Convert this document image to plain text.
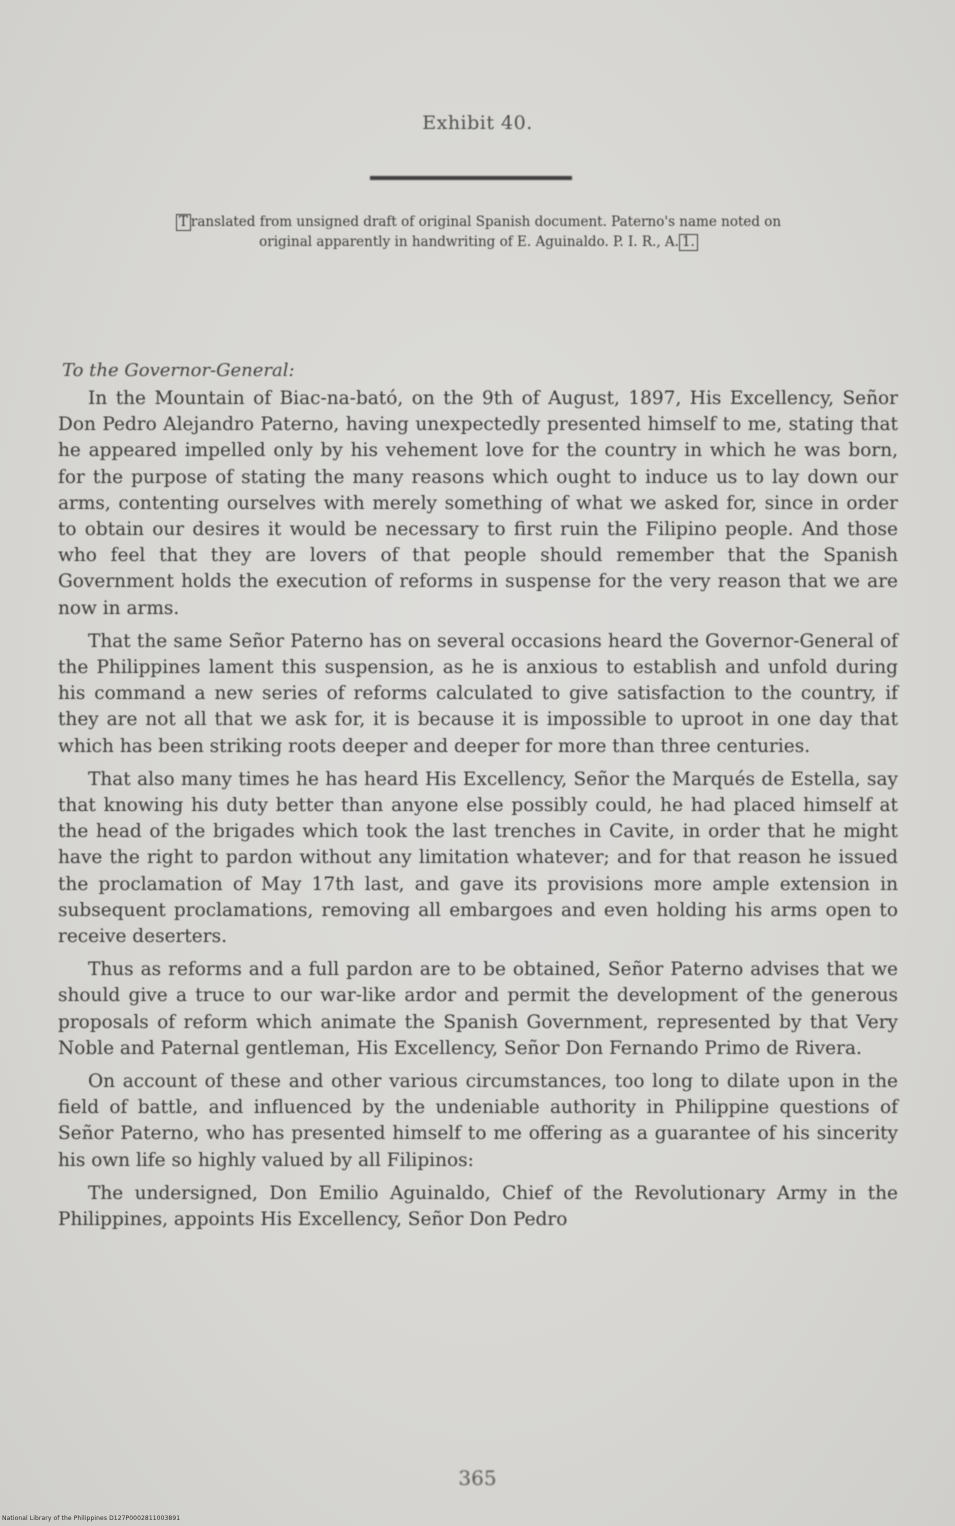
Exhibit 40.
T ranslated from unsigned draft of original Spanish document. Paterno's name noted on
original apparently in handwriting of E. Aguinaldo. P. I. R., A. 1.
To the Governor-General:

In the Mountain of Biac-na-bató, on the 9th of August, 1897, His Excellency, Señor Don Pedro Alejandro Paterno, having unexpectedly presented himself to me, stating that he appeared impelled only by his vehement love for the country in which he was born, for the purpose of stating the many reasons which ought to induce us to lay down our arms, contenting ourselves with merely something of what we asked for, since in order to obtain our desires it would be necessary to first ruin the Filipino people. And those who feel that they are lovers of that people should remember that the Spanish Government holds the execution of reforms in suspense for the very reason that we are now in arms.

That the same Señor Paterno has on several occasions heard the Governor-General of the Philippines lament this suspension, as he is anxious to establish and unfold during his command a new series of reforms calculated to give satisfaction to the country, if they are not all that we ask for, it is because it is impossible to uproot in one day that which has been striking roots deeper and deeper for more than three centuries.

That also many times he has heard His Excellency, Señor the Marqués de Estella, say that knowing his duty better than anyone else possibly could, he had placed himself at the head of the brigades which took the last trenches in Cavite, in order that he might have the right to pardon without any limitation whatever; and for that reason he issued the proclamation of May 17th last, and gave its provisions more ample extension in subsequent proclamations, removing all embargoes and even holding his arms open to receive deserters.

Thus as reforms and a full pardon are to be obtained, Señor Paterno advises that we should give a truce to our war-like ardor and permit the development of the generous proposals of reform which animate the Spanish Government, represented by that Very Noble and Paternal gentleman, His Excellency, Señor Don Fernando Primo de Rivera.

On account of these and other various circumstances, too long to dilate upon in the field of battle, and influenced by the undeniable authority in Philippine questions of Señor Paterno, who has presented himself to me offering as a guarantee of his sincerity his own life so highly valued by all Filipinos:

The undersigned, Don Emilio Aguinaldo, Chief of the Revolutionary Army in the Philippines, appoints His Excellency, Señor Don Pedro

365
National Library of the Philippines D127P0002811003891
